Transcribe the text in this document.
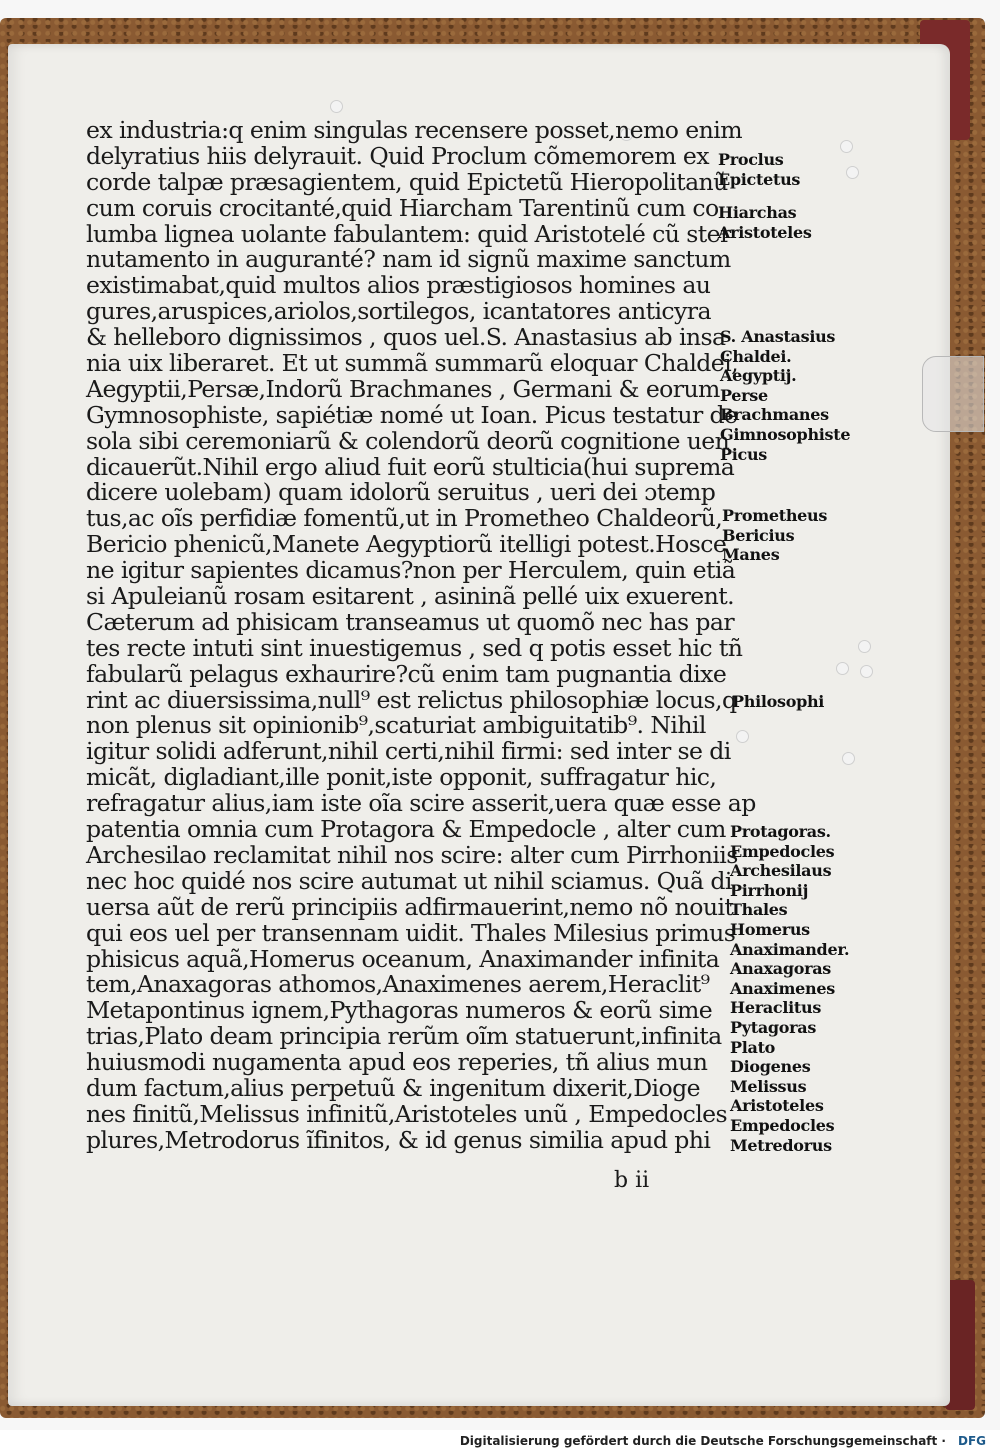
ex industria:q enim singulas recensere posset,nemo enim
delyratius hiis delyrauit. Quid Proclum cõmemorem ex
corde talpæ præsagientem, quid Epictetũ Hieropolitanũ
cum coruis crocitanté,quid Hiarcham Tarentinũ cum co
lumba lignea uolante fabulantem: quid Aristotelé cũ ster
nutamento in auguranté? nam id signũ maxime sanctum
existimabat,quid multos alios præstigiosos homines au
gures,aruspices,ariolos,sortilegos, icantatores anticyra
& helleboro dignissimos , quos uel.S. Anastasius ab insa
nia uix liberaret. Et ut summã summarũ eloquar Chaldei,
Aegyptii,Persæ,Indorũ Brachmanes , Germani & eorum
Gymnosophiste, sapiétiæ nomé ut Ioan. Picus testatur de
sola sibi ceremoniarũ & colendorũ deorũ cognitione uen
dicauerũt.Nihil ergo aliud fuit eorũ stulticia(hui suprema
dicere uolebam) quam idolorũ seruitus , ueri dei ɔtemp
tus,ac oĩs perfidiæ fomentũ,ut in Prometheo Chaldeorũ,
Bericio phenicũ,Manete Aegyptiorũ itelligi potest.Hosce
ne igitur sapientes dicamus?non per Herculem, quin etiã
si Apuleianũ rosam esitarent , asininã pellé uix exuerent.
Cæterum ad phisicam transeamus ut quomõ nec has par
tes recte intuti sint inuestigemus , sed q potis esset hic tñ
fabularũ pelagus exhaurire?cũ enim tam pugnantia dixe
rint ac diuersissima,null⁹ est relictus philosophiæ locus,q
non plenus sit opinionib⁹,scaturiat ambiguitatib⁹. Nihil
igitur solidi adferunt,nihil certi,nihil firmi: sed inter se di
micãt, digladiant,ille ponit,iste opponit, suffragatur hic,
refragatur alius,iam iste oĩa scire asserit,uera quæ esse ap
patentia omnia cum Protagora & Empedocle , alter cum
Archesilao reclamitat nihil nos scire: alter cum Pirrhoniis
nec hoc quidé nos scire autumat ut nihil sciamus. Quã di
uersa aũt de rerũ principiis adfirmauerint,nemo nõ nouit
qui eos uel per transennam uidit. Thales Milesius primus
phisicus aquã,Homerus oceanum, Anaximander infinita
tem,Anaxagoras athomos,Anaximenes aerem,Heraclit⁹
Metapontinus ignem,Pythagoras numeros & eorũ sime
trias,Plato deam principia rerũm oĩm statuerunt,infinita
huiusmodi nugamenta apud eos reperies, tñ alius mun
dum factum,alius perpetuũ & ingenitum dixerit,Dioge
nes finitũ,Melissus infinitũ,Aristoteles unũ , Empedocles
plures,Metrodorus ĩfinitos, & id genus similia apud phi
b ii
Proclus
Epictetus
Hiarchas
Aristoteles
S. Anastasius
Chaldei.
Aegyptij.
Perse
Brachmanes
Gimnosophiste
Picus
Prometheus
Bericius
Manes
Philosophi
Protagoras.
Empedocles
Archesilaus
Pirrhonij
Thales
Homerus
Anaximander.
Anaxagoras
Anaximenes
Heraclitus
Pytagoras
Plato
Diogenes
Melissus
Aristoteles
Empedocles
Metredorus
Digitalisierung gefördert durch die Deutsche Forschungsgemeinschaft · DFG
